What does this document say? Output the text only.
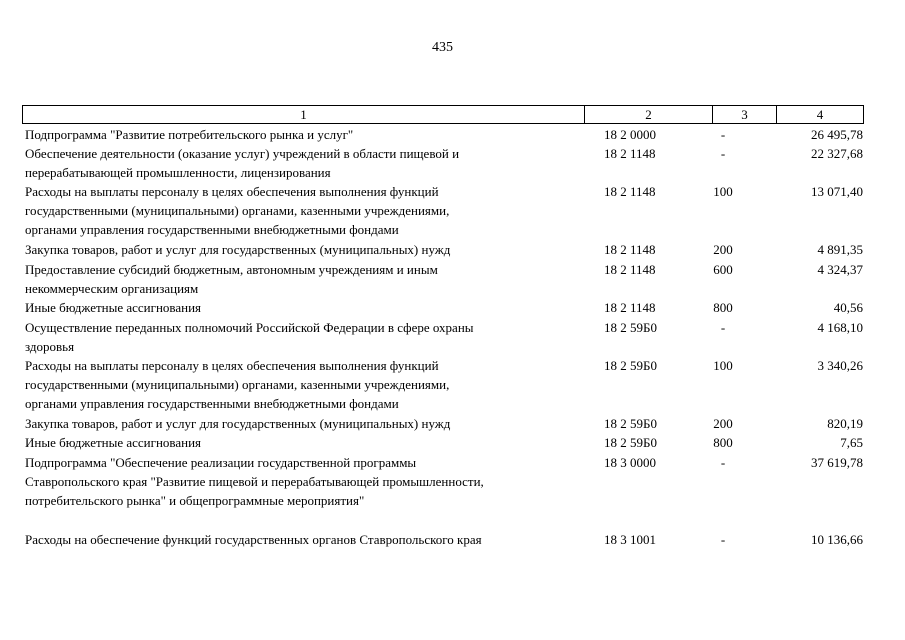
435
1	2	3	4
Подпрограмма "Развитие потребительского рынка и услуг"	18 2 0000	-	26 495,78
Обеспечение деятельности (оказание услуг) учреждений в области пищевой и
перерабатывающей промышленности, лицензирования
18 2 1148	-	22 327,68
Расходы на выплаты персоналу в целях обеспечения выполнения функций
государственными (муниципальными) органами, казенными учреждениями,
органами управления государственными внебюджетными фондами
18 2 1148	100	13 071,40
Закупка товаров, работ и услуг для государственных (муниципальных) нужд	18 2 1148	200	4 891,35
Предоставление субсидий бюджетным, автономным учреждениям и иным
некоммерческим организациям
18 2 1148	600	4 324,37
Иные бюджетные ассигнования	18 2 1148	800	40,56
Осуществление переданных полномочий Российской Федерации в сфере охраны
здоровья
18 2 59Б0	-	4 168,10
Расходы на выплаты персоналу в целях обеспечения выполнения функций
государственными (муниципальными) органами, казенными учреждениями,
органами управления государственными внебюджетными фондами
18 2 59Б0	100	3 340,26
Закупка товаров, работ и услуг для государственных (муниципальных) нужд	18 2 59Б0	200	820,19
Иные бюджетные ассигнования	18 2 59Б0	800	7,65
Подпрограмма "Обеспечение реализации государственной программы
Ставропольского края "Развитие пищевой и перерабатывающей промышленности,
потребительского рынка" и общепрограммные мероприятия"
18 3 0000	-	37 619,78
Расходы на обеспечение функций государственных органов Ставропольского края	18 3 1001	-	10 136,66
